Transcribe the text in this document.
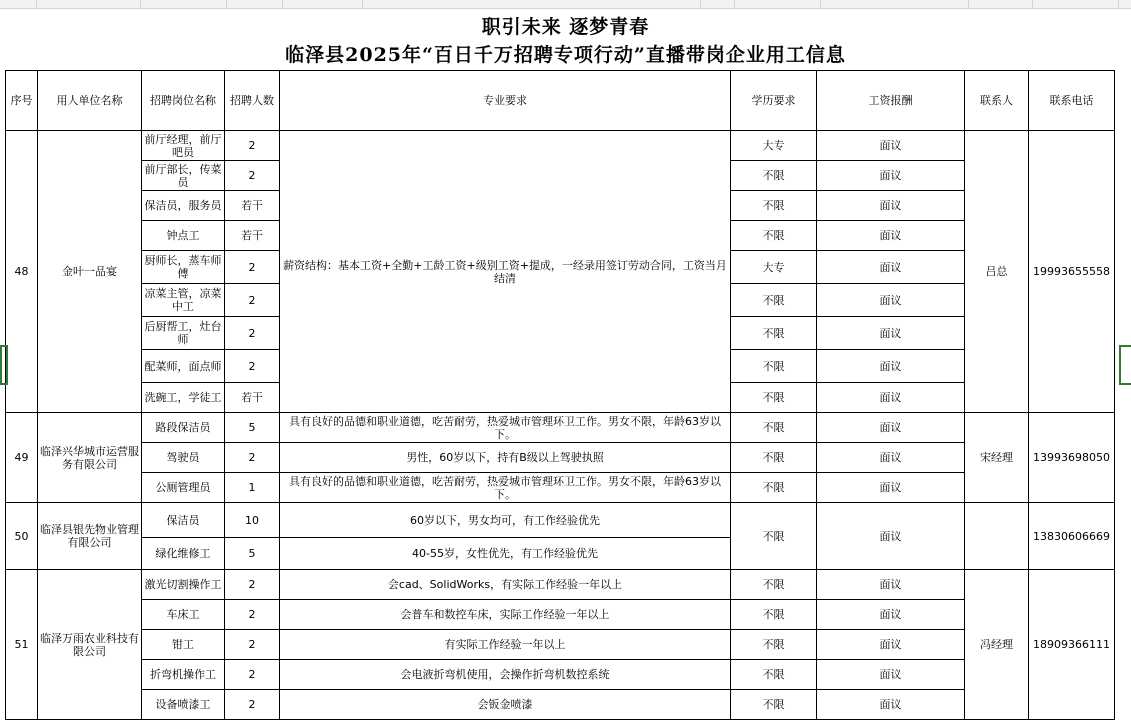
职引未来 逐梦青春
临泽县2025年“百日千万招聘专项行动”直播带岗企业用工信息
序号	用人单位名称	招聘岗位名称	招聘人数	专业要求	学历要求	工资报酬	联系人	联系电话
48	金叶一品宴	前厅经理，前厅吧员	2	薪资结构：基本工资+全勤+工龄工资+级别工资+提成，一经录用签订劳动合同，工资当月结清	大专	面议	吕总	19993655558
		前厅部长，传菜员	2		不限	面议		
		保洁员，服务员	若干		不限	面议		
		钟点工	若干		不限	面议		
		厨师长，蒸车师傅	2		大专	面议		
		凉菜主管，凉菜中工	2		不限	面议		
		后厨帮工，灶台师	2		不限	面议		
		配菜师，面点师	2		不限	面议		
		洗碗工，学徒工	若干		不限	面议		
49	临泽兴华城市运营服务有限公司	路段保洁员	5	具有良好的品德和职业道德，吃苦耐劳，热爱城市管理环卫工作。男女不限，年龄63岁以下。	不限	面议	宋经理	13993698050
		驾驶员	2	男性，60岁以下，持有B级以上驾驶执照	不限	面议		
		公厕管理员	1	具有良好的品德和职业道德，吃苦耐劳，热爱城市管理环卫工作。男女不限，年龄63岁以下。	不限	面议		
50	临泽县银先物业管理有限公司	保洁员	10	60岁以下，男女均可，有工作经验优先	不限	面议		13830606669
		绿化维修工	5	40-55岁，女性优先，有工作经验优先				
51	临泽万雨农业科技有限公司	激光切割操作工	2	会cad、SolidWorks，有实际工作经验一年以上	不限	面议	冯经理	18909366111
		车床工	2	会普车和数控车床，实际工作经验一年以上	不限	面议		
		钳工	2	有实际工作经验一年以上	不限	面议		
		折弯机操作工	2	会电液折弯机使用，会操作折弯机数控系统	不限	面议		
		设备喷漆工	2	会钣金喷漆	不限	面议		
